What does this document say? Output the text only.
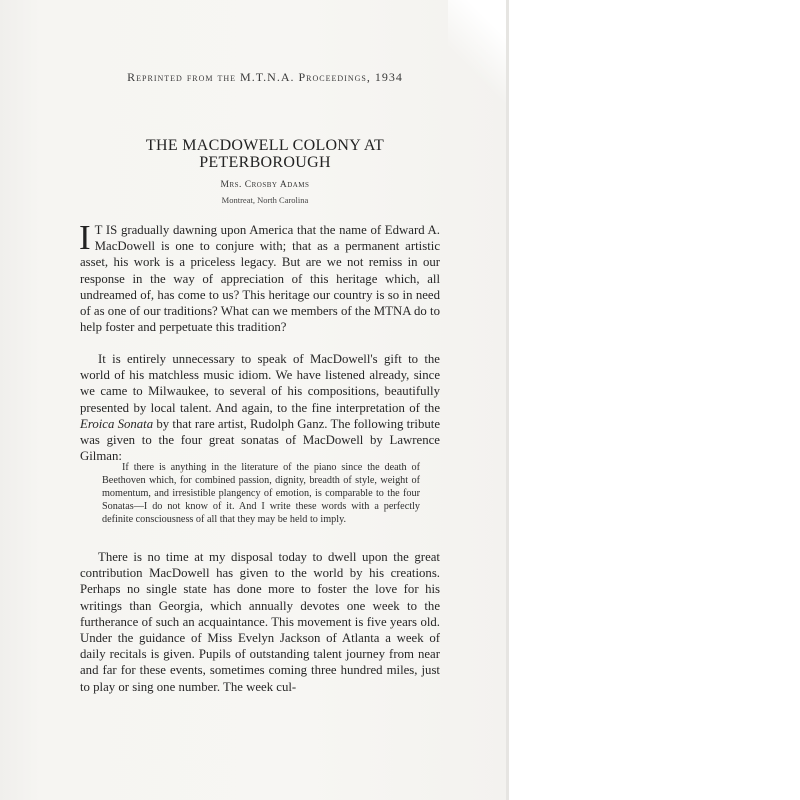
Reprinted from the M.T.N.A. Proceedings, 1934
THE MACDOWELL COLONY AT PETERBOROUGH
Mrs. Crosby Adams
Montreat, North Carolina
I T IS gradually dawning upon America that the name of Edward A. MacDowell is one to conjure with; that as a permanent artistic asset, his work is a priceless legacy. But are we not remiss in our response in the way of appreciation of this heritage which, all undreamed of, has come to us? This heritage our country is so in need of as one of our traditions? What can we members of the MTNA do to help foster and perpetuate this tradition?
It is entirely unnecessary to speak of MacDowell's gift to the world of his matchless music idiom. We have listened already, since we came to Milwaukee, to several of his compositions, beautifully presented by local talent. And again, to the fine interpretation of the Eroica Sonata by that rare artist, Rudolph Ganz. The following tribute was given to the four great sonatas of MacDowell by Lawrence Gilman:
If there is anything in the literature of the piano since the death of Beethoven which, for combined passion, dignity, breadth of style, weight of momentum, and irresistible plangency of emotion, is comparable to the four Sonatas—I do not know of it. And I write these words with a perfectly definite consciousness of all that they may be held to imply.
There is no time at my disposal today to dwell upon the great contribution MacDowell has given to the world by his creations. Perhaps no single state has done more to foster the love for his writings than Georgia, which annually devotes one week to the furtherance of such an acquaintance. This movement is five years old. Under the guidance of Miss Evelyn Jackson of Atlanta a week of daily recitals is given. Pupils of outstanding talent journey from near and far for these events, sometimes coming three hundred miles, just to play or sing one number. The week cul-
